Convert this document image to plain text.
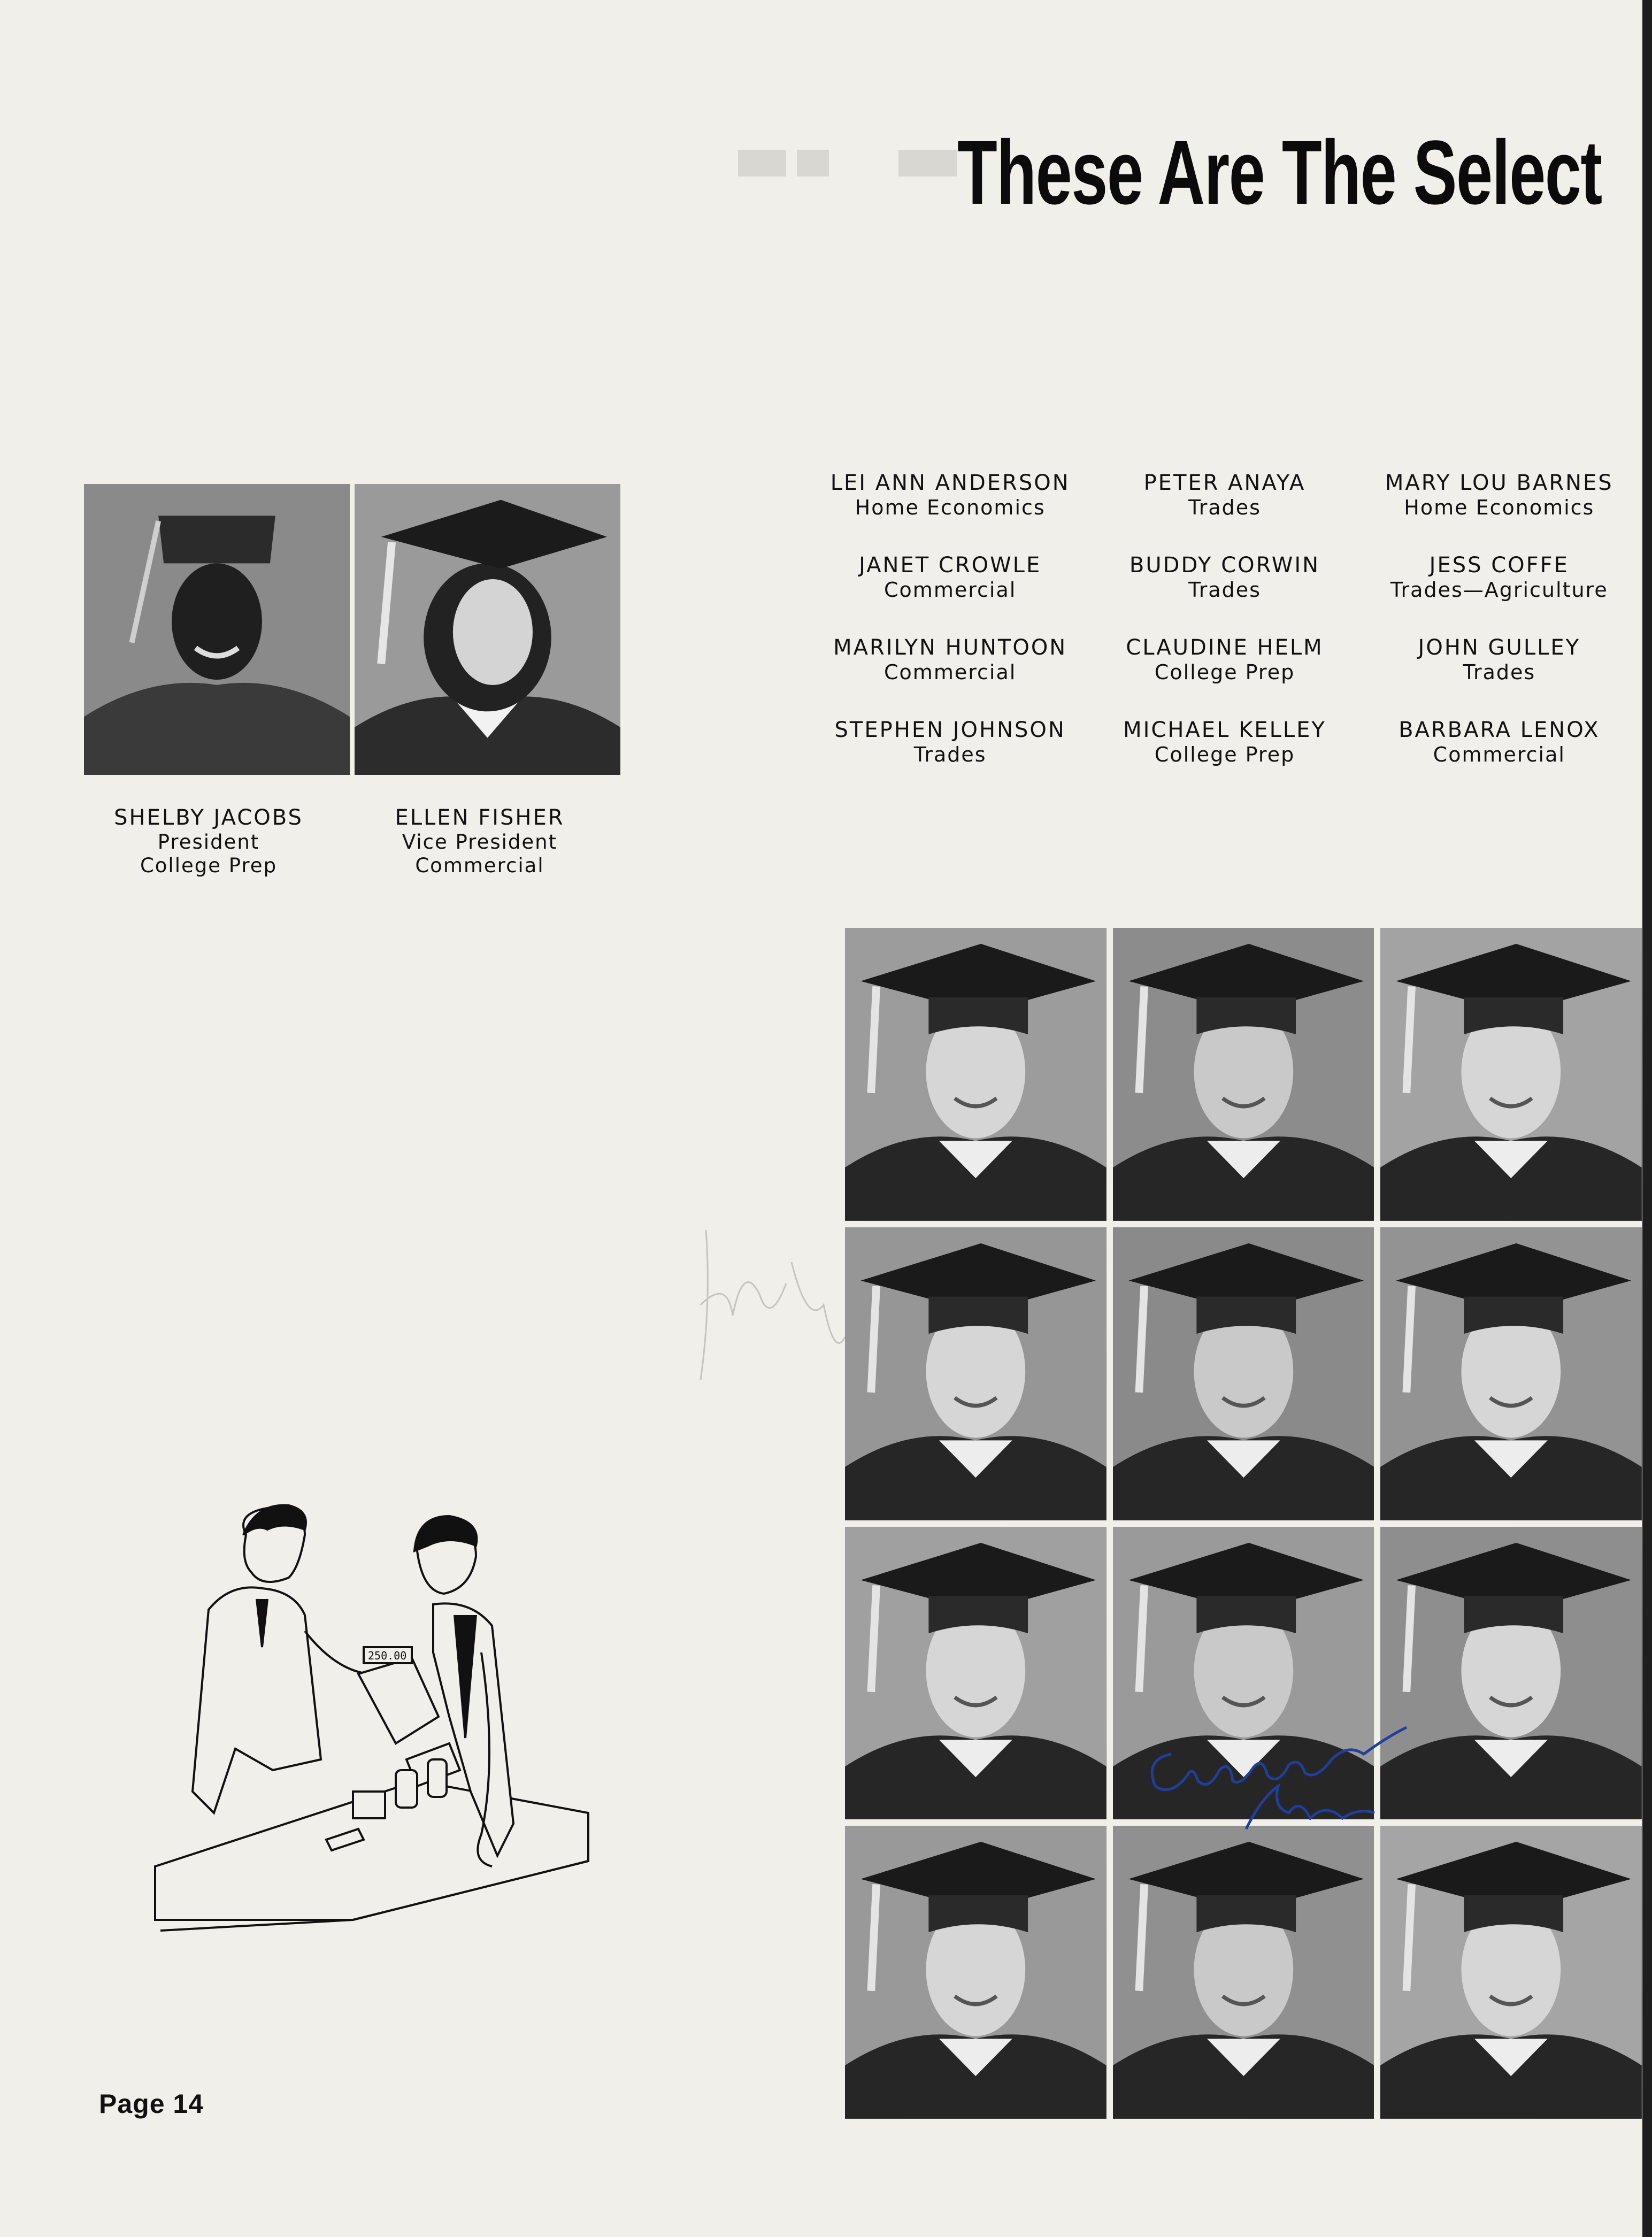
These Are The Select
LEI ANN ANDERSON
Home Economics
PETER ANAYA
Trades
MARY LOU BARNES
Home Economics
JANET CROWLE
Commercial
BUDDY CORWIN
Trades
JESS COFFE
Trades—Agriculture
MARILYN HUNTOON
Commercial
CLAUDINE HELM
College Prep
JOHN GULLEY
Trades
STEPHEN JOHNSON
Trades
MICHAEL KELLEY
College Prep
BARBARA LENOX
Commercial
SHELBY JACOBS
President
College Prep
ELLEN FISHER
Vice President
Commercial
250.00
Page 14
